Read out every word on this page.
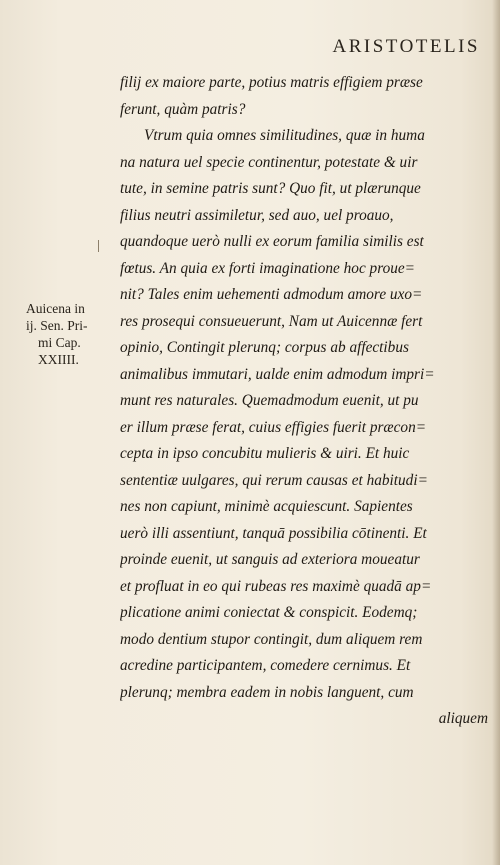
ARISTOTELIS
filij ex maiore parte, potius matris effigiem præse
ferunt, quàm patris?
Vtrum quia omnes similitudines, quæ in huma
na natura uel specie continentur, potestate & uir
tute, in semine patris sunt? Quo fit, ut plærunque
filius neutri assimiletur, sed auo, uel proauo,
quandoque uerò nulli ex eorum familia similis est
fœtus. An quia ex forti imaginatione hoc proue=
nit? Tales enim uehementi admodum amore uxo=
res prosequi consueuerunt, Nam ut Auicennæ fert
opinio, Contingit plerunq; corpus ab affectibus
animalibus immutari, ualde enim admodum impri=
munt res naturales. Quemadmodum euenit, ut pu
er illum præse ferat, cuius effigies fuerit præcon=
cepta in ipso concubitu mulieris & uiri. Et huic
sententiæ uulgares, qui rerum causas et habitudi=
nes non capiunt, minimè acquiescunt. Sapientes
uerò illi assentiunt, tanquā possibilia cōtinenti. Et
proinde euenit, ut sanguis ad exteriora moueatur
et profluat in eo qui rubeas res maximè quadā ap=
plicatione animi coniectat & conspicit. Eodemq;
modo dentium stupor contingit, dum aliquem rem
acredine participantem, comedere cernimus. Et
plerunq; membra eadem in nobis languent, cum
aliquem
Auicena in
ij. Sen. Pri-
mi Cap.
XXIIII.
